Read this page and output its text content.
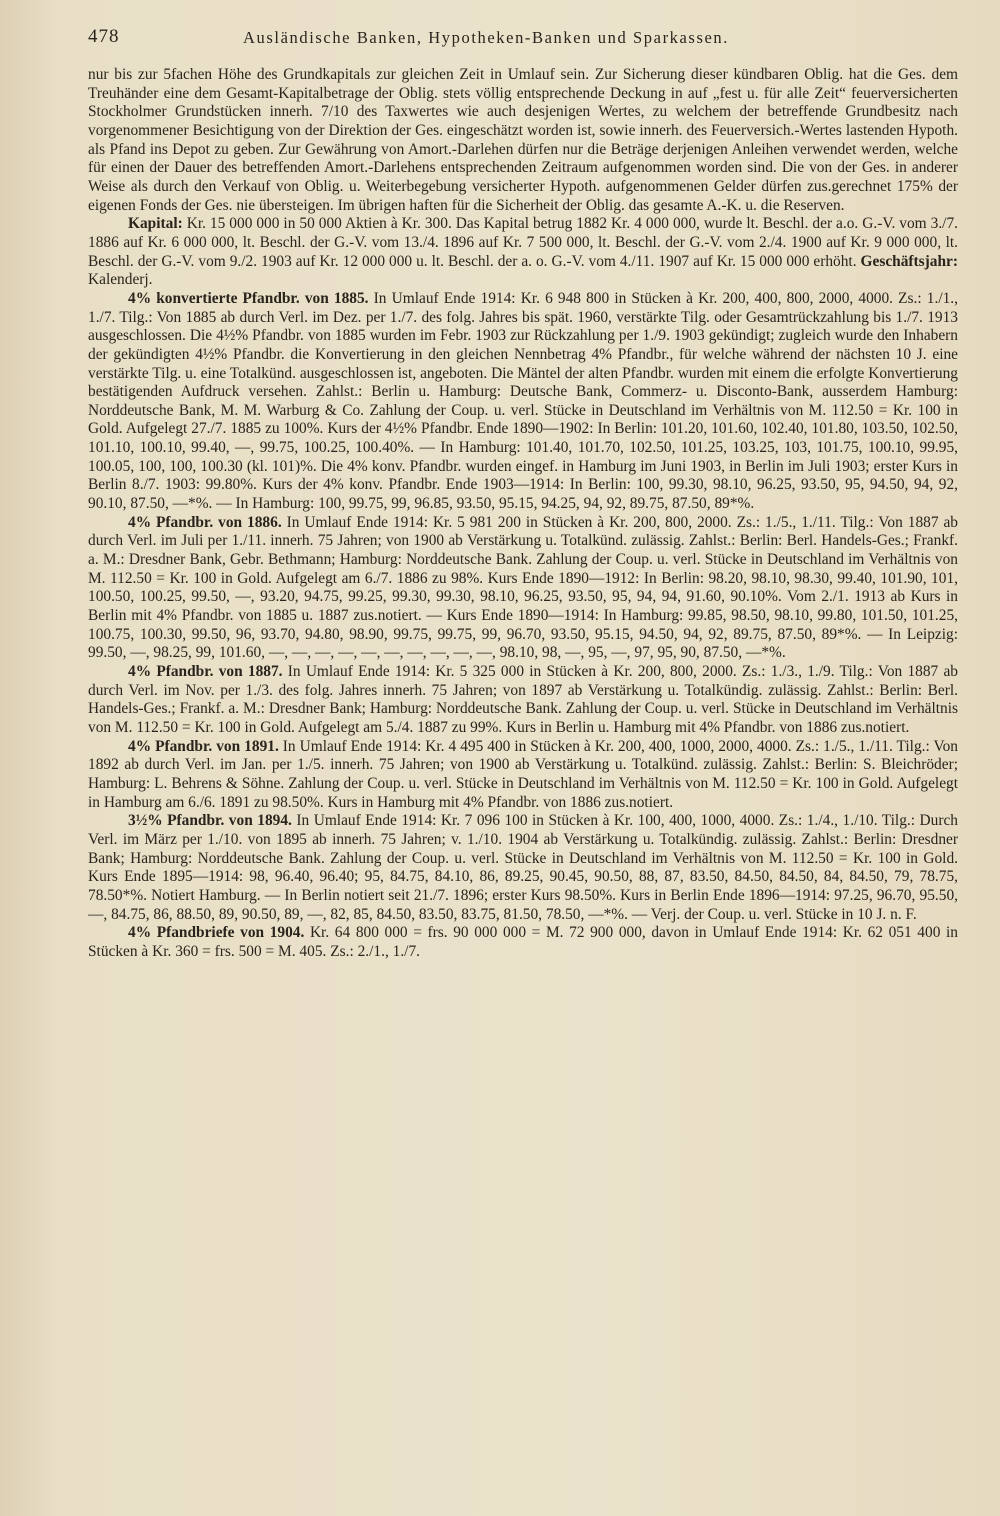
478	Ausländische Banken, Hypotheken-Banken und Sparkassen.

nur bis zur 5fachen Höhe des Grundkapitals zur gleichen Zeit in Umlauf sein. Zur Sicherung dieser kündbaren Oblig. hat die Ges. dem Treuhänder eine dem Gesamt-Kapitalbetrage der Oblig. stets völlig entsprechende Deckung in auf „fest u. für alle Zeit“ feuerversicherten Stockholmer Grundstücken innerh. 7/10 des Taxwertes wie auch desjenigen Wertes, zu welchem der betreffende Grundbesitz nach vorgenommener Besichtigung von der Direktion der Ges. eingeschätzt worden ist, sowie innerh. des Feuerversich.-Wertes lastenden Hypoth. als Pfand ins Depot zu geben. Zur Gewährung von Amort.-Darlehen dürfen nur die Beträge derjenigen Anleihen verwendet werden, welche für einen der Dauer des betreffenden Amort.-Darlehens entsprechenden Zeitraum aufgenommen worden sind. Die von der Ges. in anderer Weise als durch den Verkauf von Oblig. u. Weiterbegebung versicherter Hypoth. aufgenommenen Gelder dürfen zus.gerechnet 175% der eigenen Fonds der Ges. nie übersteigen. Im übrigen haften für die Sicherheit der Oblig. das gesamte A.-K. u. die Reserven.

Kapital: Kr. 15 000 000 in 50 000 Aktien à Kr. 300. Das Kapital betrug 1882 Kr. 4 000 000, wurde lt. Beschl. der a.o. G.-V. vom 3./7. 1886 auf Kr. 6 000 000, lt. Beschl. der G.-V. vom 13./4. 1896 auf Kr. 7 500 000, lt. Beschl. der G.-V. vom 2./4. 1900 auf Kr. 9 000 000, lt. Beschl. der G.-V. vom 9./2. 1903 auf Kr. 12 000 000 u. lt. Beschl. der a. o. G.-V. vom 4./11. 1907 auf Kr. 15 000 000 erhöht. Geschäftsjahr: Kalenderj.

4% konvertierte Pfandbr. von 1885. In Umlauf Ende 1914: Kr. 6 948 800 in Stücken à Kr. 200, 400, 800, 2000, 4000. Zs.: 1./1., 1./7. Tilg.: Von 1885 ab durch Verl. im Dez. per 1./7. des folg. Jahres bis spät. 1960, verstärkte Tilg. oder Gesamtrückzahlung bis 1./7. 1913 ausgeschlossen. Die 4½% Pfandbr. von 1885 wurden im Febr. 1903 zur Rückzahlung per 1./9. 1903 gekündigt; zugleich wurde den Inhabern der gekündigten 4½% Pfandbr. die Konvertierung in den gleichen Nennbetrag 4% Pfandbr., für welche während der nächsten 10 J. eine verstärkte Tilg. u. eine Totalkünd. ausgeschlossen ist, angeboten. Die Mäntel der alten Pfandbr. wurden mit einem die erfolgte Konvertierung bestätigenden Aufdruck versehen. Zahlst.: Berlin u. Hamburg: Deutsche Bank, Commerz- u. Disconto-Bank, ausserdem Hamburg: Norddeutsche Bank, M. M. Warburg & Co. Zahlung der Coup. u. verl. Stücke in Deutschland im Verhältnis von M. 112.50 = Kr. 100 in Gold. Aufgelegt 27./7. 1885 zu 100%. Kurs der 4½% Pfandbr. Ende 1890—1902: In Berlin: 101.20, 101.60, 102.40, 101.80, 103.50, 102.50, 101.10, 100.10, 99.40, —, 99.75, 100.25, 100.40%. — In Hamburg: 101.40, 101.70, 102.50, 101.25, 103.25, 103, 101.75, 100.10, 99.95, 100.05, 100, 100, 100.30 (kl. 101)%. Die 4% konv. Pfandbr. wurden eingef. in Hamburg im Juni 1903, in Berlin im Juli 1903; erster Kurs in Berlin 8./7. 1903: 99.80%. Kurs der 4% konv. Pfandbr. Ende 1903—1914: In Berlin: 100, 99.30, 98.10, 96.25, 93.50, 95, 94.50, 94, 92, 90.10, 87.50, —*%. — In Hamburg: 100, 99.75, 99, 96.85, 93.50, 95.15, 94.25, 94, 92, 89.75, 87.50, 89*%.

4% Pfandbr. von 1886. In Umlauf Ende 1914: Kr. 5 981 200 in Stücken à Kr. 200, 800, 2000. Zs.: 1./5., 1./11. Tilg.: Von 1887 ab durch Verl. im Juli per 1./11. innerh. 75 Jahren; von 1900 ab Verstärkung u. Totalkünd. zulässig. Zahlst.: Berlin: Berl. Handels-Ges.; Frankf. a. M.: Dresdner Bank, Gebr. Bethmann; Hamburg: Norddeutsche Bank. Zahlung der Coup. u. verl. Stücke in Deutschland im Verhältnis von M. 112.50 = Kr. 100 in Gold. Aufgelegt am 6./7. 1886 zu 98%. Kurs Ende 1890—1912: In Berlin: 98.20, 98.10, 98.30, 99.40, 101.90, 101, 100.50, 100.25, 99.50, —, 93.20, 94.75, 99.25, 99.30, 99.30, 98.10, 96.25, 93.50, 95, 94, 94, 91.60, 90.10%. Vom 2./1. 1913 ab Kurs in Berlin mit 4% Pfandbr. von 1885 u. 1887 zus.notiert. — Kurs Ende 1890—1914: In Hamburg: 99.85, 98.50, 98.10, 99.80, 101.50, 101.25, 100.75, 100.30, 99.50, 96, 93.70, 94.80, 98.90, 99.75, 99.75, 99, 96.70, 93.50, 95.15, 94.50, 94, 92, 89.75, 87.50, 89*%. — In Leipzig: 99.50, —, 98.25, 99, 101.60, —, —, —, —, —, —, —, —, —, —, 98.10, 98, —, 95, —, 97, 95, 90, 87.50, —*%.

4% Pfandbr. von 1887. In Umlauf Ende 1914: Kr. 5 325 000 in Stücken à Kr. 200, 800, 2000. Zs.: 1./3., 1./9. Tilg.: Von 1887 ab durch Verl. im Nov. per 1./3. des folg. Jahres innerh. 75 Jahren; von 1897 ab Verstärkung u. Totalkündig. zulässig. Zahlst.: Berlin: Berl. Handels-Ges.; Frankf. a. M.: Dresdner Bank; Hamburg: Norddeutsche Bank. Zahlung der Coup. u. verl. Stücke in Deutschland im Verhältnis von M. 112.50 = Kr. 100 in Gold. Aufgelegt am 5./4. 1887 zu 99%. Kurs in Berlin u. Hamburg mit 4% Pfandbr. von 1886 zus.notiert.

4% Pfandbr. von 1891. In Umlauf Ende 1914: Kr. 4 495 400 in Stücken à Kr. 200, 400, 1000, 2000, 4000. Zs.: 1./5., 1./11. Tilg.: Von 1892 ab durch Verl. im Jan. per 1./5. innerh. 75 Jahren; von 1900 ab Verstärkung u. Totalkünd. zulässig. Zahlst.: Berlin: S. Bleichröder; Hamburg: L. Behrens & Söhne. Zahlung der Coup. u. verl. Stücke in Deutschland im Verhältnis von M. 112.50 = Kr. 100 in Gold. Aufgelegt in Hamburg am 6./6. 1891 zu 98.50%. Kurs in Hamburg mit 4% Pfandbr. von 1886 zus.notiert.

3½% Pfandbr. von 1894. In Umlauf Ende 1914: Kr. 7 096 100 in Stücken à Kr. 100, 400, 1000, 4000. Zs.: 1./4., 1./10. Tilg.: Durch Verl. im März per 1./10. von 1895 ab innerh. 75 Jahren; v. 1./10. 1904 ab Verstärkung u. Totalkündig. zulässig. Zahlst.: Berlin: Dresdner Bank; Hamburg: Norddeutsche Bank. Zahlung der Coup. u. verl. Stücke in Deutschland im Verhältnis von M. 112.50 = Kr. 100 in Gold. Kurs Ende 1895—1914: 98, 96.40, 96.40; 95, 84.75, 84.10, 86, 89.25, 90.45, 90.50, 88, 87, 83.50, 84.50, 84.50, 84, 84.50, 79, 78.75, 78.50*%. Notiert Hamburg. — In Berlin notiert seit 21./7. 1896; erster Kurs 98.50%. Kurs in Berlin Ende 1896—1914: 97.25, 96.70, 95.50, —, 84.75, 86, 88.50, 89, 90.50, 89, —, 82, 85, 84.50, 83.50, 83.75, 81.50, 78.50, —*%. — Verj. der Coup. u. verl. Stücke in 10 J. n. F.

4% Pfandbriefe von 1904. Kr. 64 800 000 = frs. 90 000 000 = M. 72 900 000, davon in Umlauf Ende 1914: Kr. 62 051 400 in Stücken à Kr. 360 = frs. 500 = M. 405. Zs.: 2./1., 1./7.
